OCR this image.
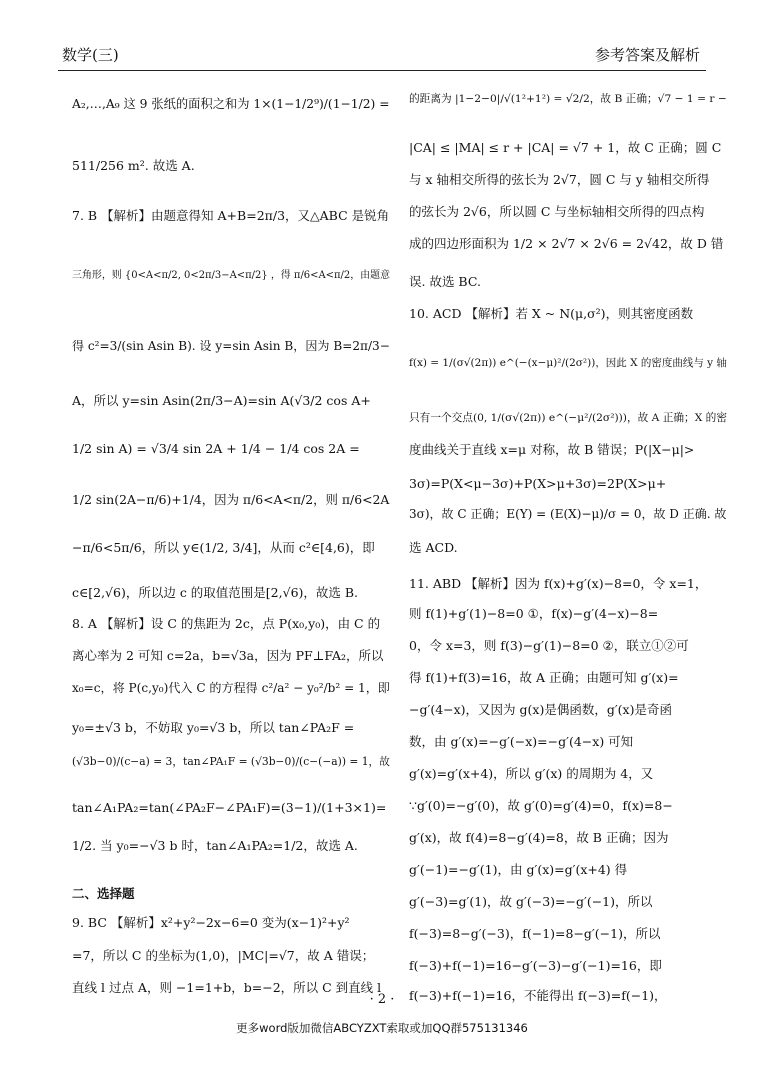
数学(三)	参考答案及解析
A₂,…,A₉ 这 9 张纸的面积之和为 1×(1−1/2⁹)/(1−1/2) =
511/256 m². 故选 A.
7. B 【解析】由题意得知 A+B=2π/3，又△ABC 是锐角
三角形，则 {0<A<π/2, 0<2π/3−A<π/2} ，得 π/6<A<π/2，由题意
得 c²=3/(sin Asin B). 设 y=sin Asin B，因为 B=2π/3−
A，所以 y=sin Asin(2π/3−A)=sin A(√3/2 cos A+
1/2 sin A) = √3/4 sin 2A + 1/4 − 1/4 cos 2A =
1/2 sin(2A−π/6)+1/4，因为 π/6<A<π/2，则 π/6<2A
−π/6<5π/6，所以 y∈(1/2, 3/4]，从而 c²∈[4,6)，即
c∈[2,√6)，所以边 c 的取值范围是[2,√6)，故选 B.
8. A 【解析】设 C 的焦距为 2c，点 P(x₀,y₀)，由 C 的
离心率为 2 可知 c=2a，b=√3a，因为 PF⊥FA₂，所以
x₀=c，将 P(c,y₀)代入 C 的方程得 c²/a² − y₀²/b² = 1，即
y₀=±√3 b，不妨取 y₀=√3 b，所以 tan∠PA₂F =
(√3b−0)/(c−a) = 3，tan∠PA₁F = (√3b−0)/(c−(−a)) = 1，故
tan∠A₁PA₂=tan(∠PA₂F−∠PA₁F)=(3−1)/(1+3×1)=
1/2. 当 y₀=−√3 b 时，tan∠A₁PA₂=1/2，故选 A.
二、选择题
9. BC 【解析】x²+y²−2x−6=0 变为(x−1)²+y²
=7，所以 C 的坐标为(1,0)，|MC|=√7，故 A 错误；
直线 l 过点 A，则 −1=1+b，b=−2，所以 C 到直线 l
的距离为 |1−2−0|/√(1²+1²) = √2/2，故 B 正确；√7 − 1 = r −
|CA| ≤ |MA| ≤ r + |CA| = √7 + 1，故 C 正确；圆 C
与 x 轴相交所得的弦长为 2√7，圆 C 与 y 轴相交所得
的弦长为 2√6，所以圆 C 与坐标轴相交所得的四点构
成的四边形面积为 1/2 × 2√7 × 2√6 = 2√42，故 D 错
误. 故选 BC.
10. ACD 【解析】若 X ~ N(μ,σ²)，则其密度函数
f(x) = 1/(σ√(2π)) e^(−(x−μ)²/(2σ²))，因此 X 的密度曲线与 y 轴
只有一个交点(0, 1/(σ√(2π)) e^(−μ²/(2σ²)))，故 A 正确；X 的密
度曲线关于直线 x=μ 对称，故 B 错误；P(|X−μ|>
3σ)=P(X<μ−3σ)+P(X>μ+3σ)=2P(X>μ+
3σ)，故 C 正确；E(Y) = (E(X)−μ)/σ = 0，故 D 正确. 故
选 ACD.
11. ABD 【解析】因为 f(x)+g′(x)−8=0，令 x=1，
则 f(1)+g′(1)−8=0 ①，f(x)−g′(4−x)−8=
0，令 x=3，则 f(3)−g′(1)−8=0 ②，联立①②可
得 f(1)+f(3)=16，故 A 正确；由题可知 g′(x)=
−g′(4−x)，又因为 g(x)是偶函数，g′(x)是奇函
数，由 g′(x)=−g′(−x)=−g′(4−x) 可知
g′(x)=g′(x+4)，所以 g′(x) 的周期为 4，又
∵g′(0)=−g′(0)，故 g′(0)=g′(4)=0，f(x)=8−
g′(x)，故 f(4)=8−g′(4)=8，故 B 正确；因为
g′(−1)=−g′(1)，由 g′(x)=g′(x+4) 得
g′(−3)=g′(1)，故 g′(−3)=−g′(−1)，所以
f(−3)=8−g′(−3)，f(−1)=8−g′(−1)，所以
f(−3)+f(−1)=16−g′(−3)−g′(−1)=16，即
f(−3)+f(−1)=16，不能得出 f(−3)=f(−1)，
· 2 ·
更多word版加微信ABCYZXT索取或加QQ群575131346
